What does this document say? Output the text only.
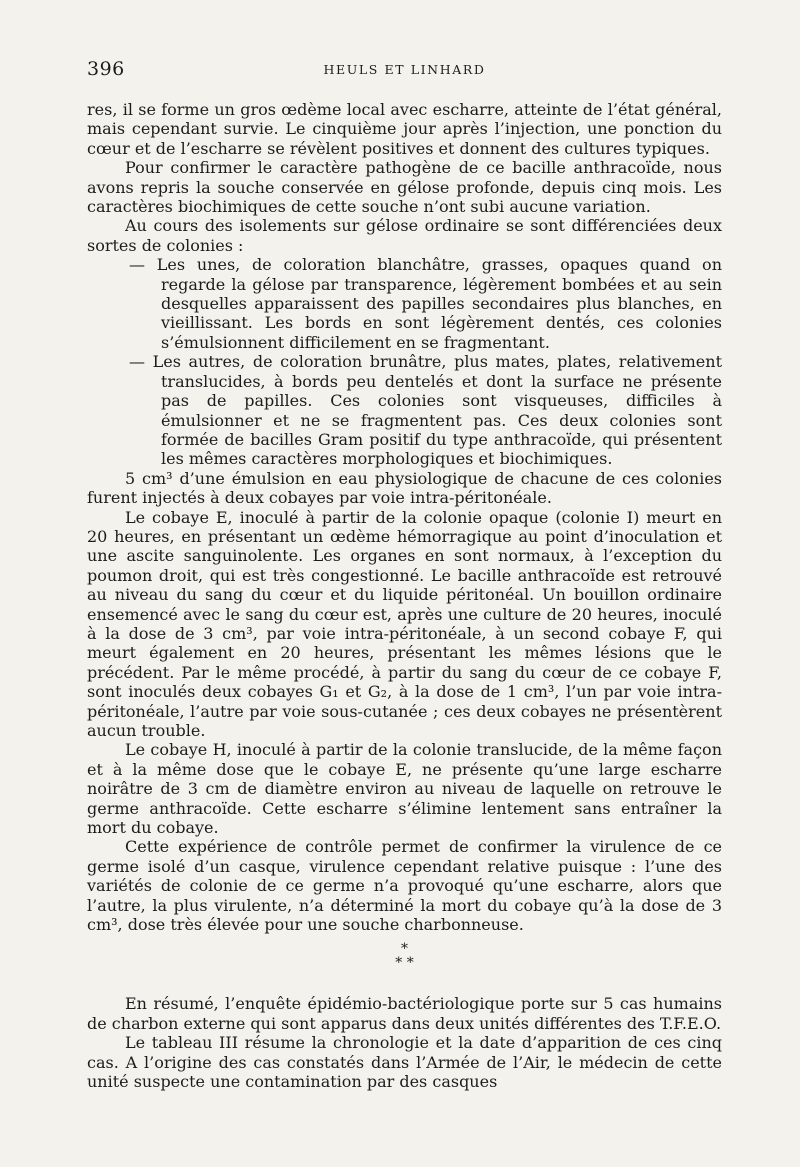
396	HEULS ET LINHARD

res, il se forme un gros œdème local avec escharre, atteinte de l’état général, mais cependant survie. Le cinquième jour après l’injection, une ponction du cœur et de l’escharre se révèlent positives et donnent des cultures typiques.

Pour confirmer le caractère pathogène de ce bacille anthracoïde, nous avons repris la souche conservée en gélose profonde, depuis cinq mois. Les caractères biochimiques de cette souche n’ont subi aucune variation.

Au cours des isolements sur gélose ordinaire se sont différenciées deux sortes de colonies :

— Les unes, de coloration blanchâtre, grasses, opaques quand on regarde la gélose par transparence, légèrement bombées et au sein desquelles apparaissent des papilles secondaires plus blanches, en vieillissant. Les bords en sont légèrement dentés, ces colonies s’émulsionnent difficilement en se fragmentant.

— Les autres, de coloration brunâtre, plus mates, plates, relativement translucides, à bords peu dentelés et dont la surface ne présente pas de papilles. Ces colonies sont visqueuses, difficiles à émulsionner et ne se fragmentent pas. Ces deux colonies sont formée de bacilles Gram positif du type anthracoïde, qui présentent les mêmes caractères morphologiques et biochimiques.

5 cm³ d’une émulsion en eau physiologique de chacune de ces colonies furent injectés à deux cobayes par voie intra-péritonéale.

Le cobaye E, inoculé à partir de la colonie opaque (colonie I) meurt en 20 heures, en présentant un œdème hémorragique au point d’inoculation et une ascite sanguinolente. Les organes en sont normaux, à l’exception du poumon droit, qui est très congestionné. Le bacille anthracoïde est retrouvé au niveau du sang du cœur et du liquide péritonéal. Un bouillon ordinaire ensemencé avec le sang du cœur est, après une culture de 20 heures, inoculé à la dose de 3 cm³, par voie intra-péritonéale, à un second cobaye F, qui meurt également en 20 heures, présentant les mêmes lésions que le précédent. Par le même procédé, à partir du sang du cœur de ce cobaye F, sont inoculés deux cobayes G₁ et G₂, à la dose de 1 cm³, l’un par voie intra-péritonéale, l’autre par voie sous-cutanée ; ces deux cobayes ne présentèrent aucun trouble.

Le cobaye H, inoculé à partir de la colonie translucide, de la même façon et à la même dose que le cobaye E, ne présente qu’une large escharre noirâtre de 3 cm de diamètre environ au niveau de laquelle on retrouve le germe anthracoïde. Cette escharre s’élimine lentement sans entraîner la mort du cobaye.

Cette expérience de contrôle permet de confirmer la virulence de ce germe isolé d’un casque, virulence cependant relative puisque : l’une des variétés de colonie de ce germe n’a provoqué qu’une escharre, alors que l’autre, la plus virulente, n’a déterminé la mort du cobaye qu’à la dose de 3 cm³, dose très élevée pour une souche charbonneuse.

*
* *

En résumé, l’enquête épidémio-bactériologique porte sur 5 cas humains de charbon externe qui sont apparus dans deux unités différentes des T.F.E.O.

Le tableau III résume la chronologie et la date d’apparition de ces cinq cas. A l’origine des cas constatés dans l’Armée de l’Air, le médecin de cette unité suspecte une contamination par des casques
